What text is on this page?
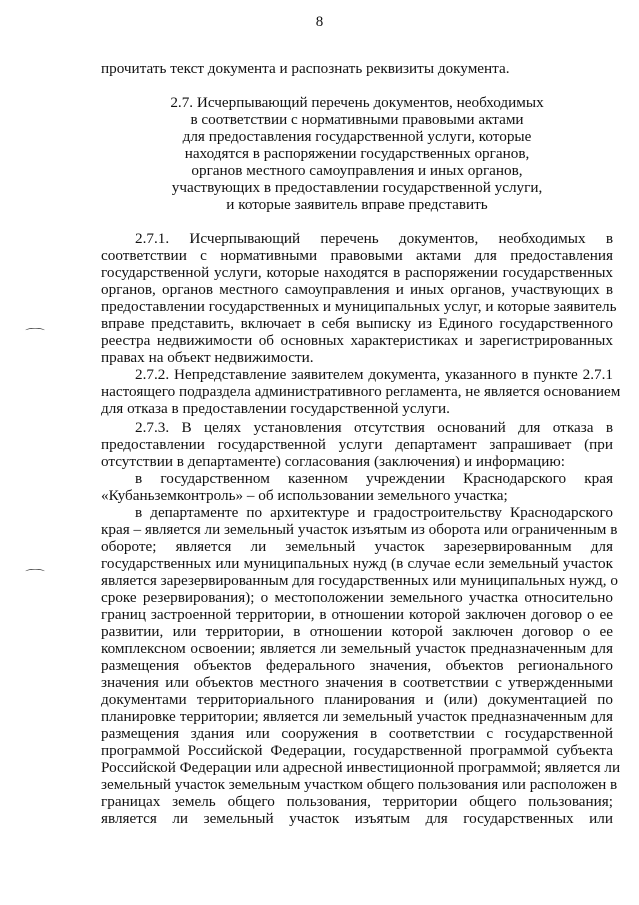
8
⌒
⌒
прочитать текст документа и распознать реквизиты документа.
2.7. Исчерпывающий перечень документов, необходимых
в соответствии с нормативными правовыми актами
для предоставления государственной услуги, которые
находятся в распоряжении государственных органов,
органов местного самоуправления и иных органов,
участвующих в предоставлении государственной услуги,
и которые заявитель вправе представить
2.7.1. Исчерпывающий перечень документов, необходимых в
соответствии с нормативными правовыми актами для предоставления
государственной услуги, которые находятся в распоряжении государственных
органов, органов местного самоуправления и иных органов, участвующих в
предоставлении государственных и муниципальных услуг, и которые заявитель
вправе представить, включает в себя выписку из Единого государственного
реестра недвижимости об основных характеристиках и зарегистрированных
правах на объект недвижимости.
2.7.2. Непредставление заявителем документа, указанного в пункте 2.7.1
настоящего подраздела административного регламента, не является основанием
для отказа в предоставлении государственной услуги.
2.7.3. В целях установления отсутствия оснований для отказа в
предоставлении государственной услуги департамент запрашивает (при
отсутствии в департаменте) согласования (заключения) и информацию:
в государственном казенном учреждении Краснодарского края
«Кубаньземконтроль» – об использовании земельного участка;
в департаменте по архитектуре и градостроительству Краснодарского
края – является ли земельный участок изъятым из оборота или ограниченным в
обороте; является ли земельный участок зарезервированным для
государственных или муниципальных нужд (в случае если земельный участок
является зарезервированным для государственных или муниципальных нужд, о
сроке резервирования); о местоположении земельного участка относительно
границ застроенной территории, в отношении которой заключен договор о ее
развитии, или территории, в отношении которой заключен договор о ее
комплексном освоении; является ли земельный участок предназначенным для
размещения объектов федерального значения, объектов регионального
значения или объектов местного значения в соответствии с утвержденными
документами территориального планирования и (или) документацией по
планировке территории; является ли земельный участок предназначенным для
размещения здания или сооружения в соответствии с государственной
программой Российской Федерации, государственной программой субъекта
Российской Федерации или адресной инвестиционной программой; является ли
земельный участок земельным участком общего пользования или расположен в
границах земель общего пользования, территории общего пользования;
является ли земельный участок изъятым для государственных или
